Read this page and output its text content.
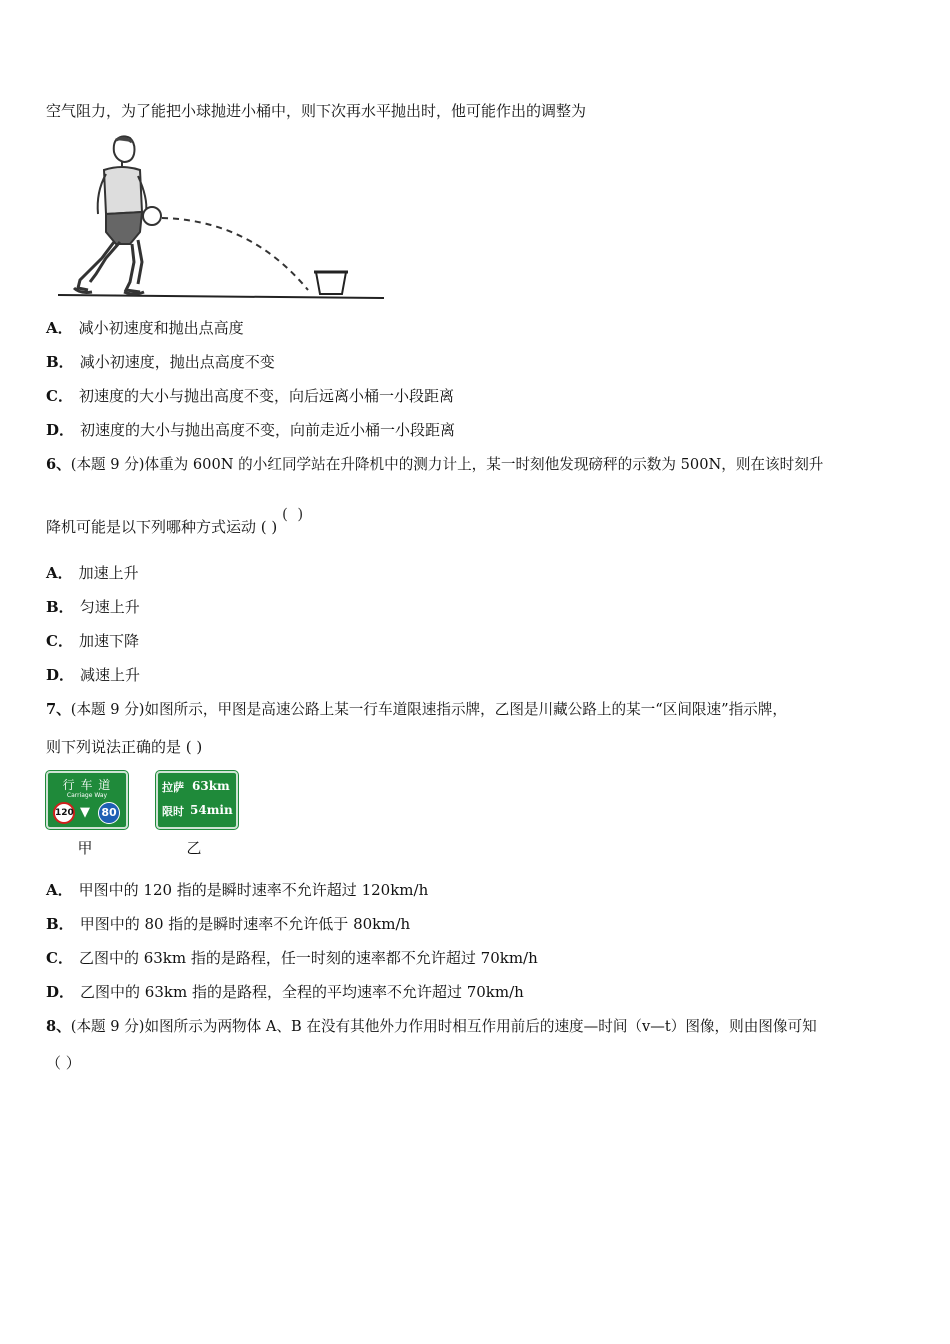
空气阻力，为了能把小球抛进小桶中，则下次再水平抛出时，他可能作出的调整为
A． 减小初速度和抛出点高度
B． 减小初速度，抛出点高度不变
C． 初速度的大小与抛出高度不变，向后远离小桶一小段距离
D． 初速度的大小与抛出高度不变，向前走近小桶一小段距离
6、(本题 9 分)体重为 600N 的小红同学站在升降机中的测力计上，某一时刻他发现磅秤的示数为 500N，则在该时刻升
降机可能是以下列哪种方式运动 ( )
(  )
A． 加速上升
B． 匀速上升
C． 加速下降
D． 减速上升
7、(本题 9 分)如图所示，甲图是高速公路上某一行车道限速指示牌，乙图是川藏公路上的某一“区间限速”指示牌，
则下列说法正确的是 ( )
行 车 道
Carriage Way
120 ▼	80
甲
拉萨 63km
限时 54min
乙
A． 甲图中的 120 指的是瞬时速率不允许超过 120km/h
B． 甲图中的 80 指的是瞬时速率不允许低于 80km/h
C． 乙图中的 63km 指的是路程，任一时刻的速率都不允许超过 70km/h
D． 乙图中的 63km 指的是路程，全程的平均速率不允许超过 70km/h
8、(本题 9 分)如图所示为两物体 A、B 在没有其他外力作用时相互作用前后的速度—时间（v—t）图像，则由图像可知
（ ）
